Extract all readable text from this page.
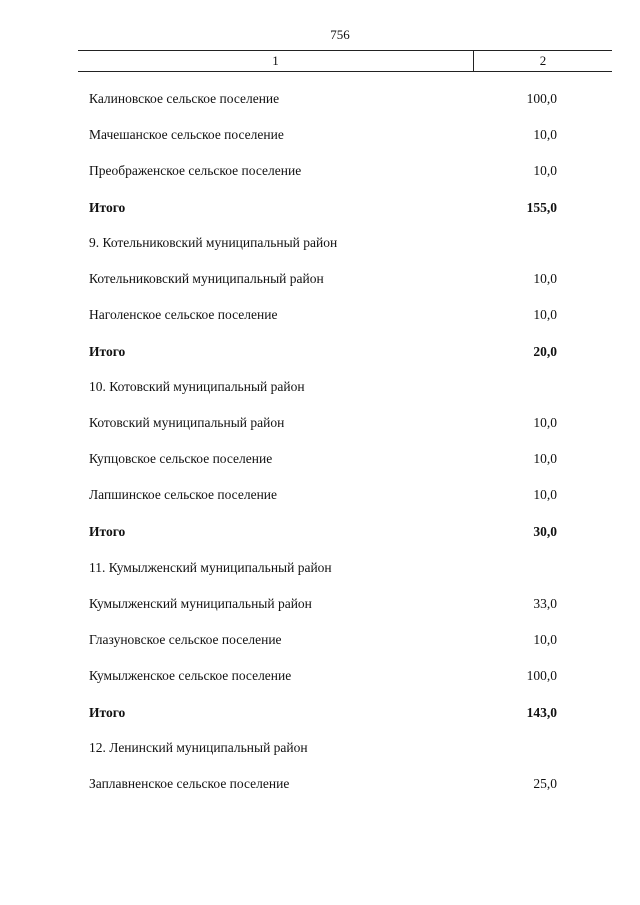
756
1	2
Калиновское сельское поселение	100,0
Мачешанское сельское поселение	10,0
Преображенское сельское поселение	10,0
Итого	155,0
9. Котельниковский муниципальный район
Котельниковский муниципальный район	10,0
Наголенское сельское поселение	10,0
Итого	20,0
10. Котовский муниципальный район
Котовский муниципальный район	10,0
Купцовское сельское поселение	10,0
Лапшинское сельское поселение	10,0
Итого	30,0
11. Кумылженский муниципальный район
Кумылженский муниципальный район	33,0
Глазуновское сельское поселение	10,0
Кумылженское сельское поселение	100,0
Итого	143,0
12. Ленинский муниципальный район
Заплавненское сельское поселение	25,0
